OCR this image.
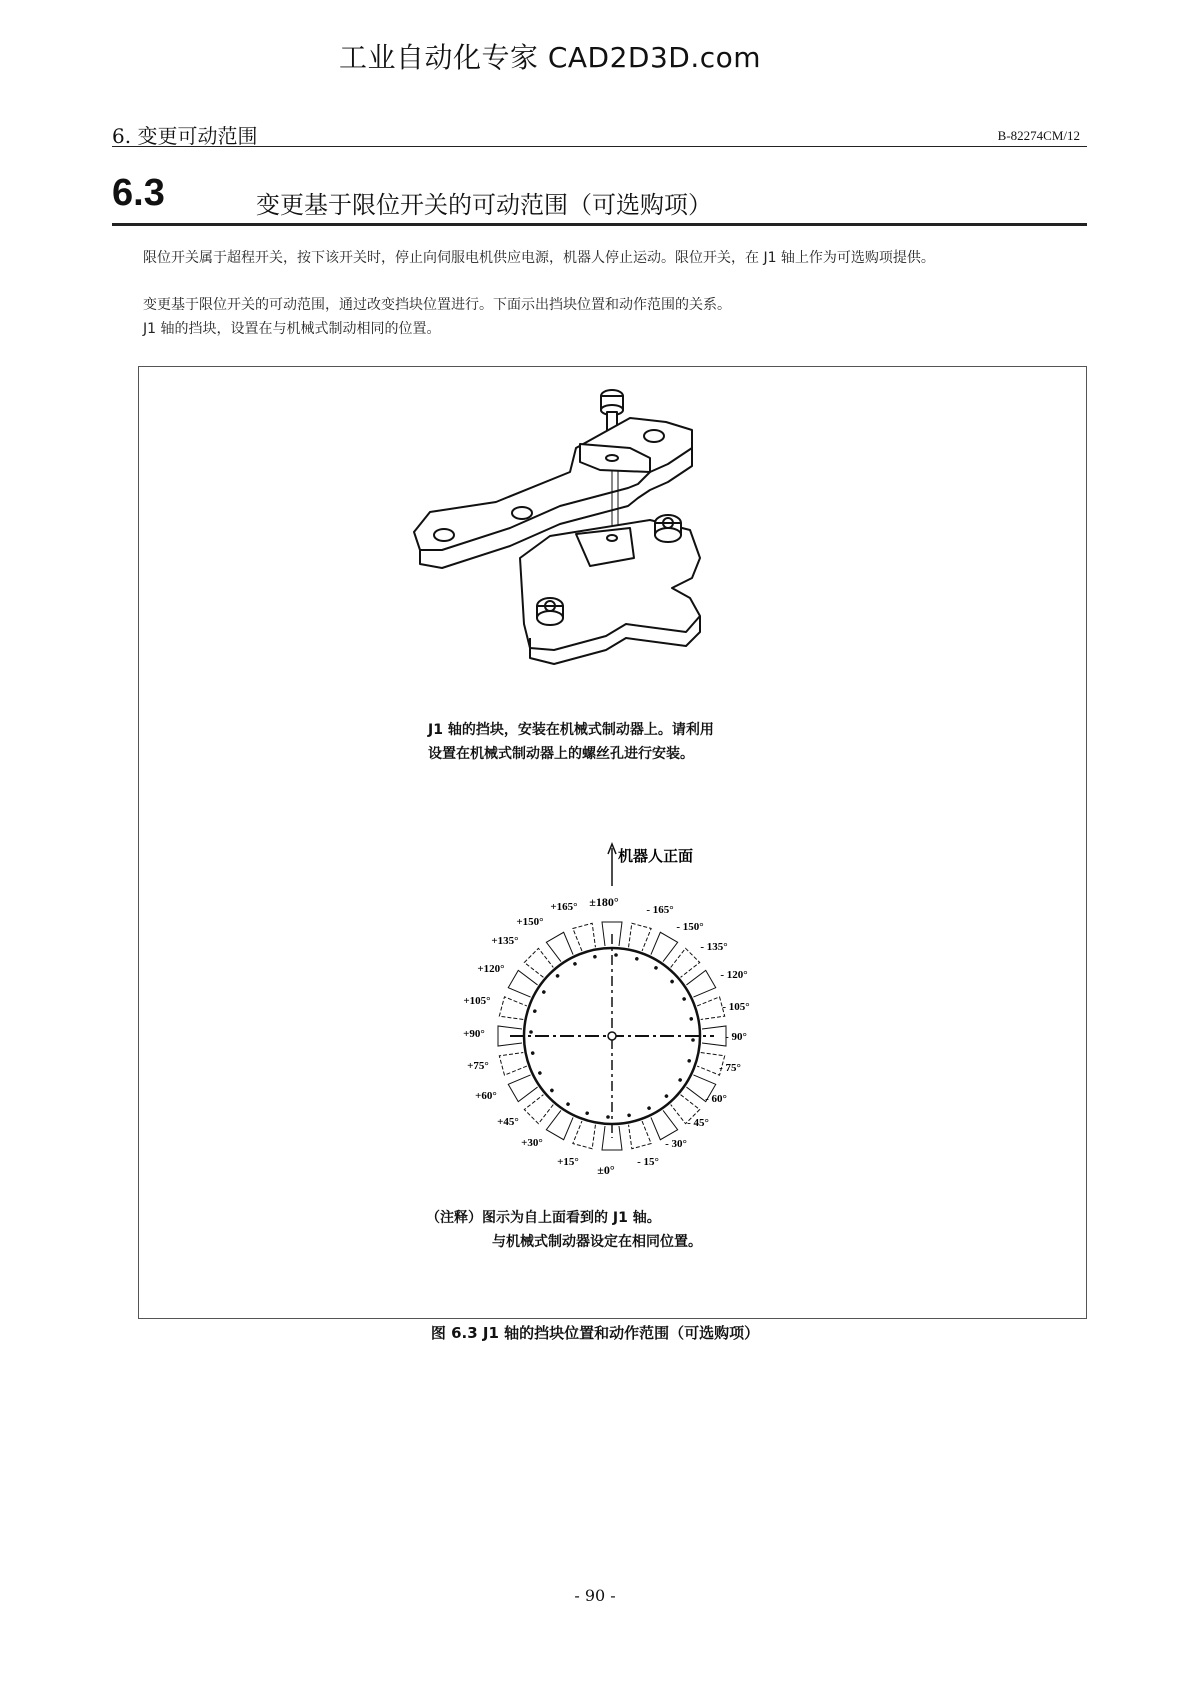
工业自动化专家 CAD2D3D.com
6. 变更可动范围	B-82274CM/12
6.3	变更基于限位开关的可动范围（可选购项）
限位开关属于超程开关，按下该开关时，停止向伺服电机供应电源，机器人停止运动。限位开关，在 J1 轴上作为可选购项提供。
变更基于限位开关的可动范围，通过改变挡块位置进行。下面示出挡块位置和动作范围的关系。
J1 轴的挡块，设置在与机械式制动相同的位置。
J1 轴的挡块，安装在机械式制动器上。请利用
设置在机械式制动器上的螺丝孔进行安装。
机器人正面
±180°
±0°
+165°
+150°
+135°
+120°
+105°
+90°
+75°
+60°
+45°
+30°
+15°
- 165°
- 150°
- 135°
- 120°
- 105°
- 90°
- 75°
- 60°
- 45°
- 30°
- 15°
（注释）图示为自上面看到的 J1 轴。
与机械式制动器设定在相同位置。
图 6.3 J1 轴的挡块位置和动作范围（可选购项）
- 90 -
